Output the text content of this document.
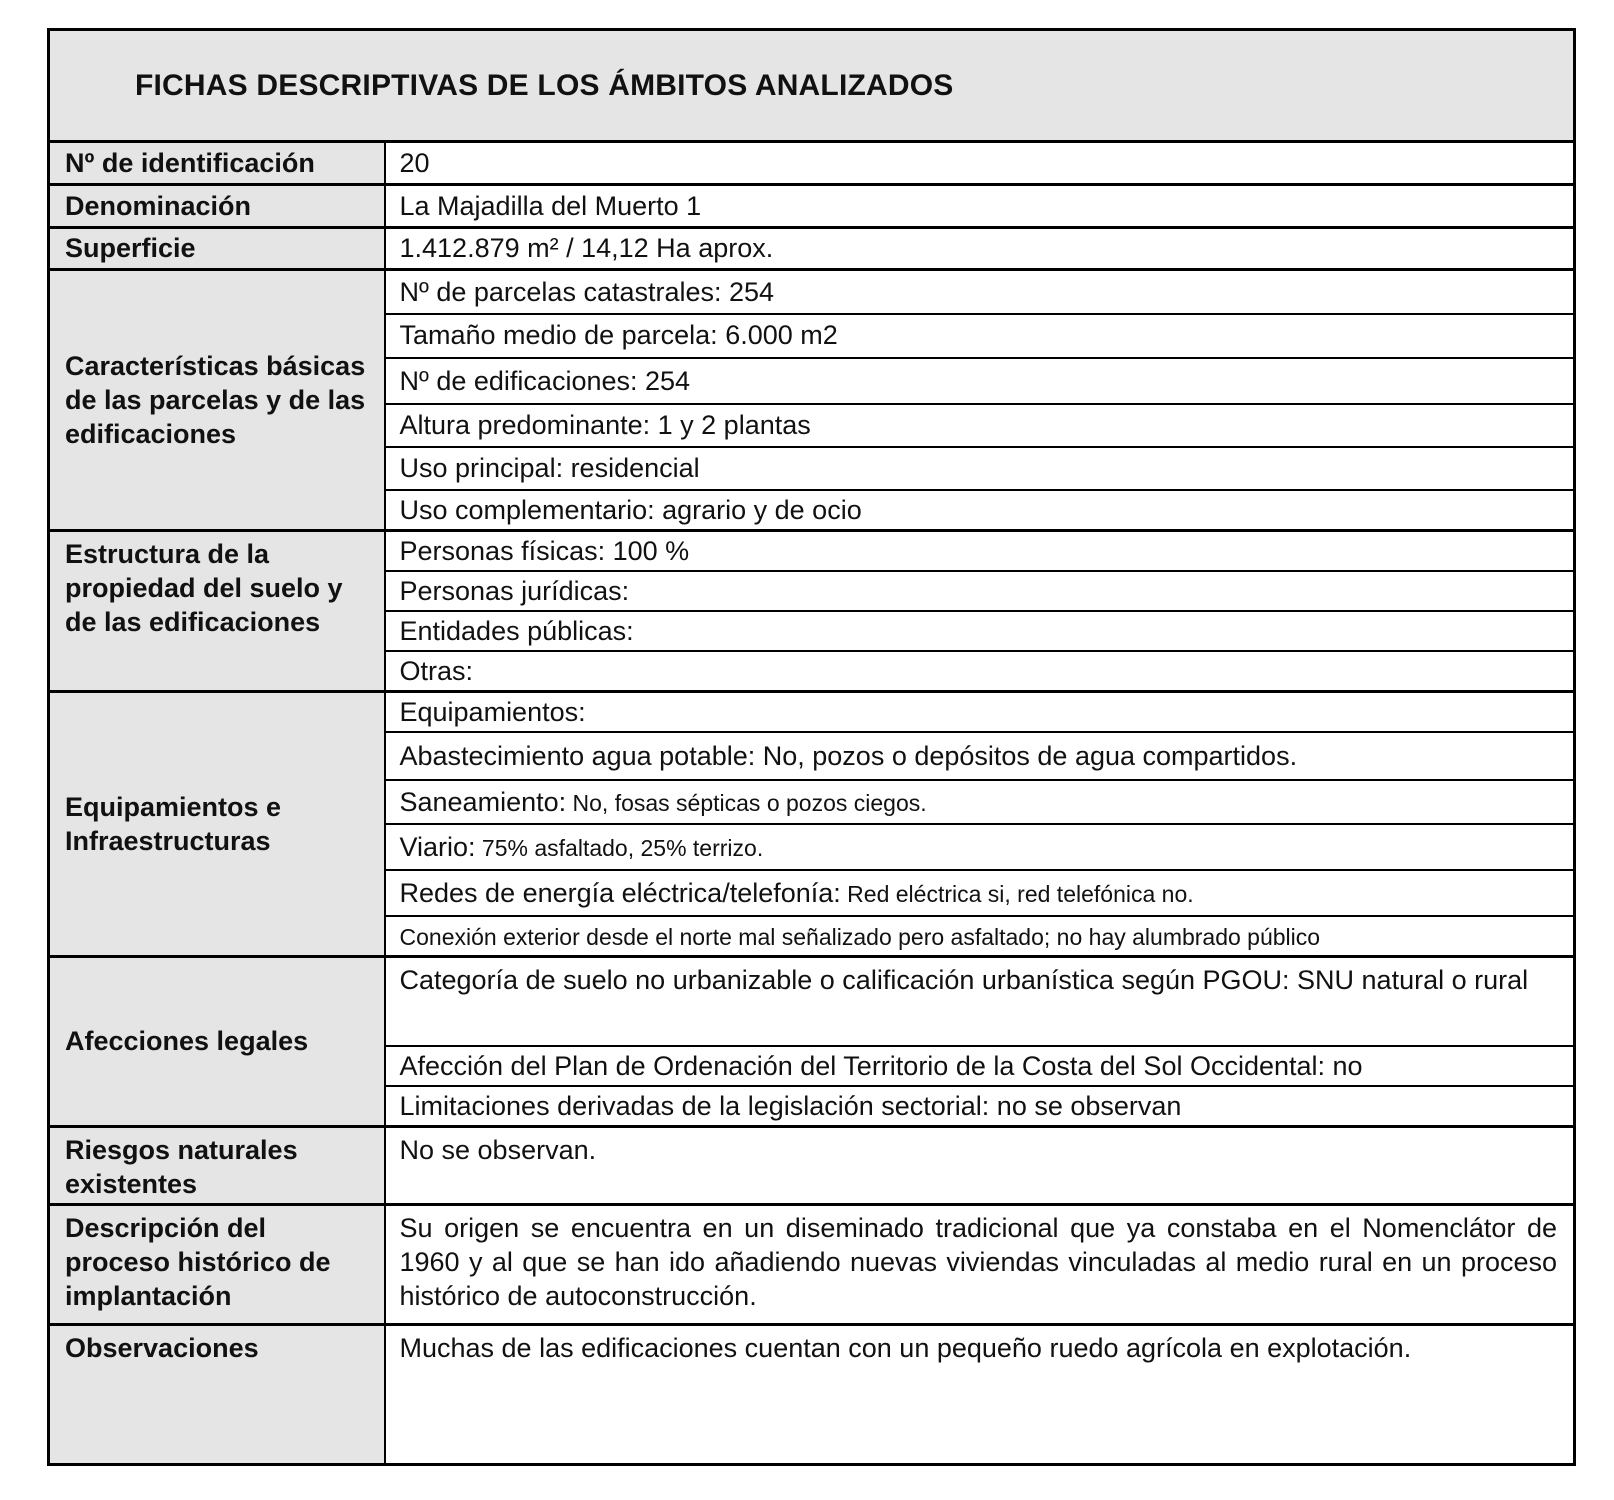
FICHAS DESCRIPTIVAS DE LOS ÁMBITOS ANALIZADOS	
Nº de identificación	20
Denominación	La Majadilla del Muerto 1
Superficie	1.412.879 m² / 14,12 Ha aprox.
Características básicas de las parcelas y de las edificaciones	Nº de parcelas catastrales: 254
	Tamaño medio de parcela: 6.000 m2
	Nº de edificaciones: 254
	Altura predominante: 1 y 2 plantas
	Uso principal: residencial
	Uso complementario: agrario y de ocio
Estructura de la propiedad del suelo y de las edificaciones	Personas físicas: 100 %
	Personas jurídicas:
	Entidades públicas:
	Otras:
Equipamientos e Infraestructuras	Equipamientos:
	Abastecimiento agua potable: No, pozos o depósitos de agua compartidos.
	Saneamiento: No, fosas sépticas o pozos ciegos.
	Viario: 75% asfaltado, 25% terrizo.
	Redes de energía eléctrica/telefonía: Red eléctrica si, red telefónica no.
	Conexión exterior desde el norte mal señalizado pero asfaltado; no hay alumbrado público
Afecciones legales	Categoría de suelo no urbanizable o calificación urbanística según PGOU: SNU natural o rural
	Afección del Plan de Ordenación del Territorio de la Costa del Sol Occidental: no
	Limitaciones derivadas de la legislación sectorial: no se observan
Riesgos naturales existentes	No se observan.
Descripción del proceso histórico de implantación	Su origen se encuentra en un diseminado tradicional que ya constaba en el Nomenclátor de 1960 y al que se han ido añadiendo nuevas viviendas vinculadas al medio rural en un proceso histórico de autoconstrucción.
Observaciones	Muchas de las edificaciones cuentan con un pequeño ruedo agrícola en explotación.
